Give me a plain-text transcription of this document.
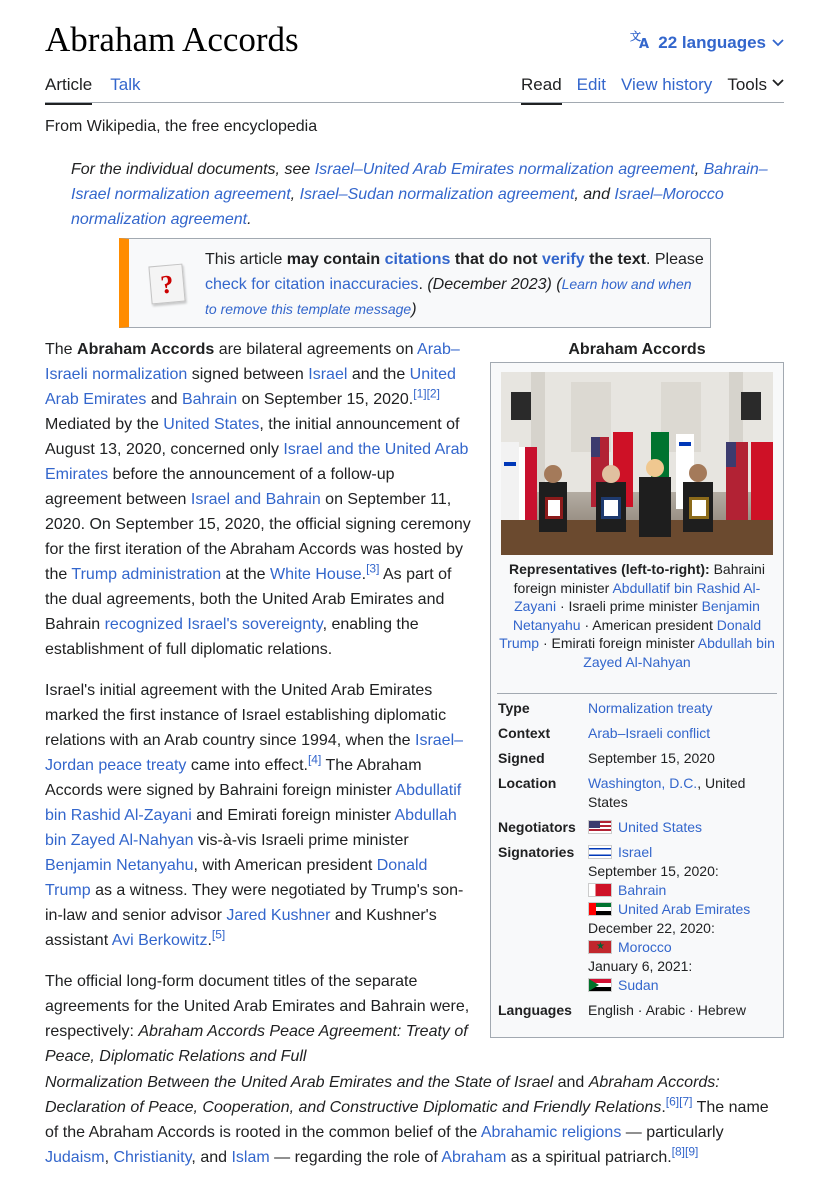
Abraham Accords	文
A 22 languages
Article Talk	Read Edit View history Tools
From Wikipedia, the free encyclopedia
For the individual documents, see Israel–United Arab Emirates normalization agreement, Bahrain–Israel normalization agreement, Israel–Sudan normalization agreement, and Israel–Morocco normalization agreement.
?
This article may contain citations that do not verify the text. Please check for citation inaccuracies. (December 2023) (Learn how and when to remove this template message)

The Abraham Accords are bilateral agreements on Arab–Israeli normalization signed between Israel and the United Arab Emirates and Bahrain on September 15, 2020.[1][2] Mediated by the United States, the initial announcement of August 13, 2020, concerned only Israel and the United Arab Emirates before the announcement of a follow-up agreement between Israel and Bahrain on September 11, 2020. On September 15, 2020, the official signing ceremony for the first iteration of the Abraham Accords was hosted by the Trump administration at the White House.[3] As part of the dual agreements, both the United Arab Emirates and Bahrain recognized Israel's sovereignty, enabling the establishment of full diplomatic relations.

Israel's initial agreement with the United Arab Emirates marked the first instance of Israel establishing diplomatic relations with an Arab country since 1994, when the Israel–Jordan peace treaty came into effect.[4] The Abraham Accords were signed by Bahraini foreign minister Abdullatif bin Rashid Al-Zayani and Emirati foreign minister Abdullah bin Zayed Al-Nahyan vis-à-vis Israeli prime minister Benjamin Netanyahu, with American president Donald Trump as a witness. They were negotiated by Trump's son-in-law and senior advisor Jared Kushner and Kushner's assistant Avi Berkowitz.[5]

The official long-form document titles of the separate agreements for the United Arab Emirates and Bahrain were, respectively: Abraham Accords Peace Agreement: Treaty of Peace, Diplomatic Relations and Full

Normalization Between the United Arab Emirates and the State of Israel and Abraham Accords: Declaration of Peace, Cooperation, and Constructive Diplomatic and Friendly Relations.[6][7] The name of the Abraham Accords is rooted in the common belief of the Abrahamic religions — particularly Judaism, Christianity, and Islam — regarding the role of Abraham as a spiritual patriarch.[8][9]

Abraham Accords
Representatives (left-to-right): Bahraini foreign minister Abdullatif bin Rashid Al-Zayani · Israeli prime minister Benjamin Netanyahu · American president Donald Trump · Emirati foreign minister Abdullah bin Zayed Al-Nahyan
Type	Normalization treaty
Context	Arab–Israeli conflict
Signed	September 15, 2020
Location	Washington, D.C., United States
Negotiators	United States
Signatories	Israel
September 15, 2020:
Bahrain
United Arab Emirates
December 22, 2020:
★Morocco
January 6, 2021:
Sudan
Languages	English · Arabic · Hebrew
